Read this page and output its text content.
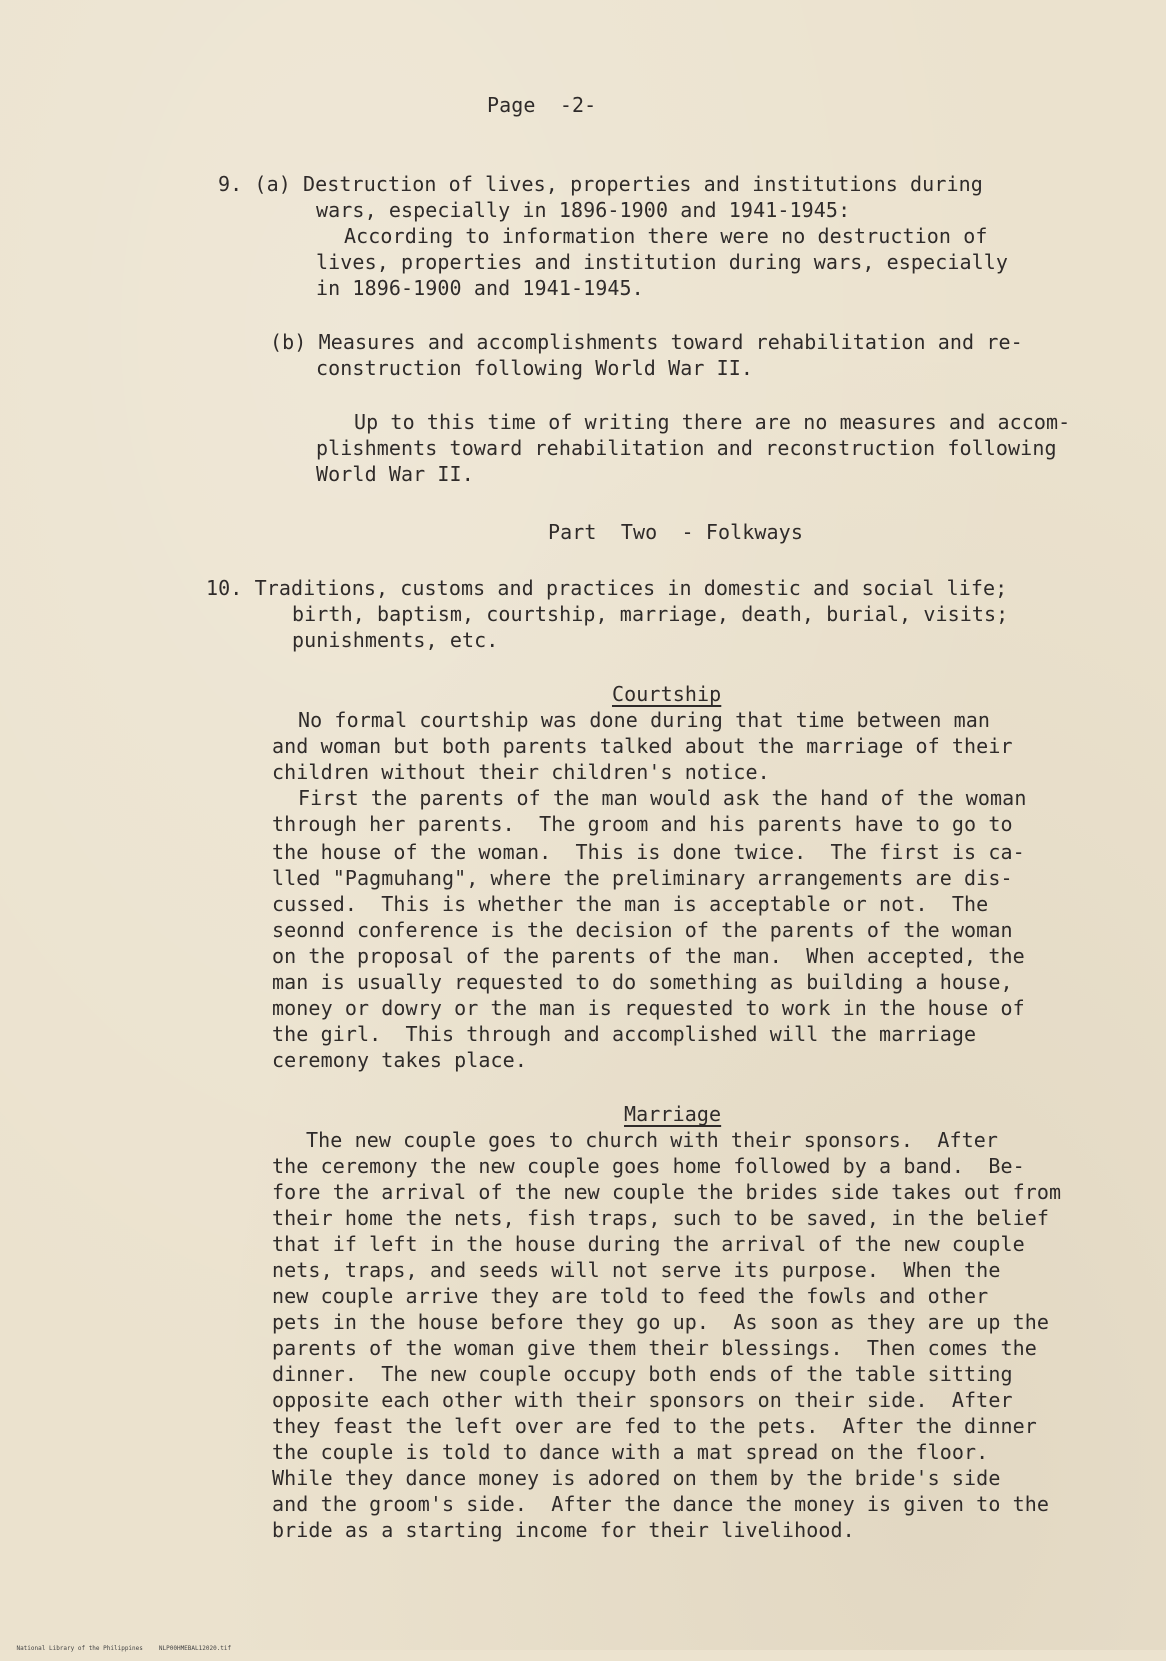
Page  -2-
9. (a) Destruction of lives, properties and institutions during
wars, especially in 1896-1900 and 1941-1945:
According to information there were no destruction of
lives, properties and institution during wars, especially
in 1896-1900 and 1941-1945.
(b) Measures and accomplishments toward rehabilitation and re-
construction following World War II.
Up to this time of writing there are no measures and accom-
plishments toward rehabilitation and reconstruction following
World War II.
Part  Two  - Folkways
10. Traditions, customs and practices in domestic and social life;
birth, baptism, courtship, marriage, death, burial, visits;
punishments, etc.
Courtship
No formal courtship was done during that time between man
and woman but both parents talked about the marriage of their
children without their children's notice.
First the parents of the man would ask the hand of the woman
through her parents.  The groom and his parents have to go to
the house of the woman.  This is done twice.  The first is ca-
lled "Pagmuhang", where the preliminary arrangements are dis-
cussed.  This is whether the man is acceptable or not.  The
seonnd conference is the decision of the parents of the woman
on the proposal of the parents of the man.  When accepted, the
man is usually requested to do something as building a house,
money or dowry or the man is requested to work in the house of
the girl.  This through and accomplished will the marriage
ceremony takes place.
Marriage
The new couple goes to church with their sponsors.  After
the ceremony the new couple goes home followed by a band.  Be-
fore the arrival of the new couple the brides side takes out from
their home the nets, fish traps, such to be saved, in the belief
that if left in the house during the arrival of the new couple
nets, traps, and seeds will not serve its purpose.  When the
new couple arrive they are told to feed the fowls and other
pets in the house before they go up.  As soon as they are up the
parents of the woman give them their blessings.  Then comes the
dinner.  The new couple occupy both ends of the table sitting
opposite each other with their sponsors on their side.  After
they feast the left over are fed to the pets.  After the dinner
the couple is told to dance with a mat spread on the floor.
While they dance money is adored on them by the bride's side
and the groom's side.  After the dance the money is given to the
bride as a starting income for their livelihood.

National Library of the Philippines	NLP00HMEBAL12020.tif
